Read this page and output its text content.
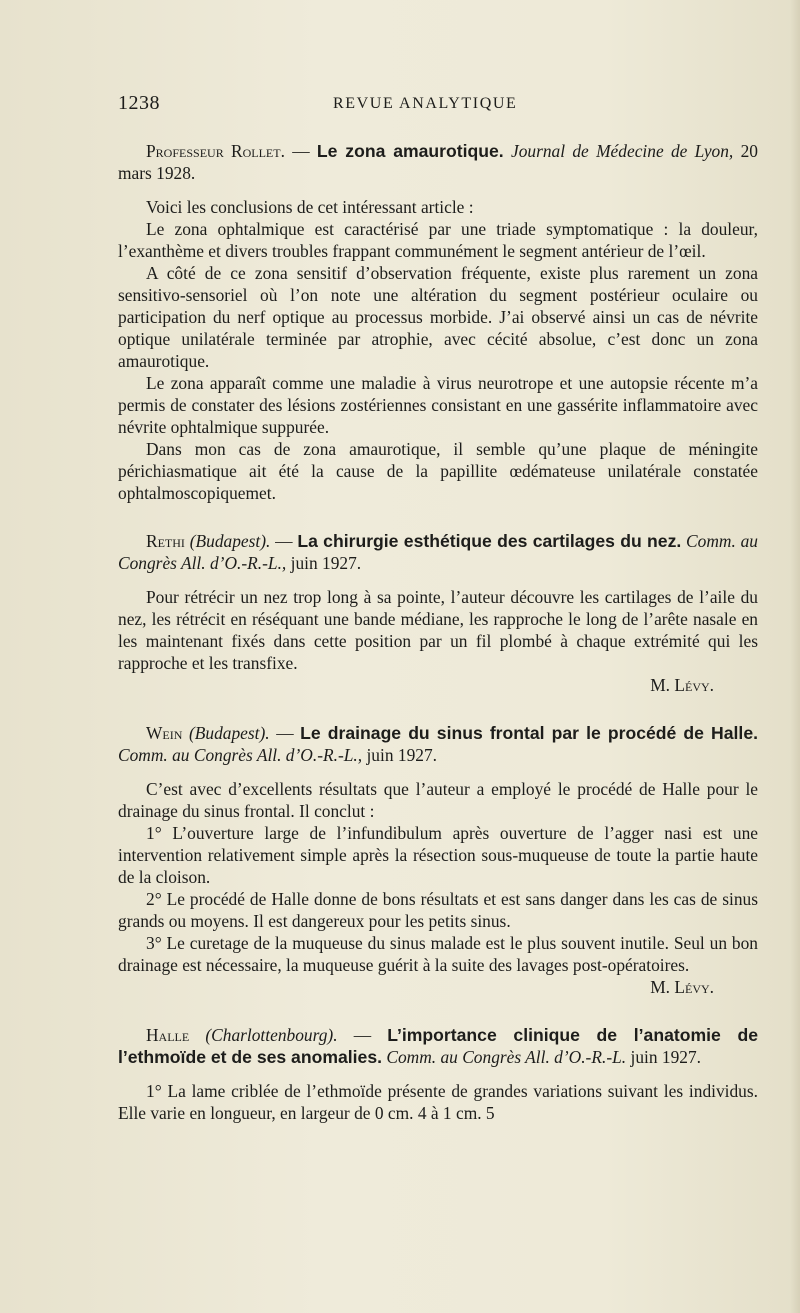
1238	REVUE ANALYTIQUE

Professeur Rollet. — Le zona amaurotique. Journal de Médecine de Lyon, 20 mars 1928.

Voici les conclusions de cet intéressant article :

Le zona ophtalmique est caractérisé par une triade symptomatique : la douleur, l’exanthème et divers troubles frappant communément le segment antérieur de l’œil.

A côté de ce zona sensitif d’observation fréquente, existe plus rarement un zona sensitivo-sensoriel où l’on note une altération du segment postérieur oculaire ou participation du nerf optique au processus morbide. J’ai observé ainsi un cas de névrite optique unilatérale terminée par atrophie, avec cécité absolue, c’est donc un zona amaurotique.

Le zona apparaît comme une maladie à virus neurotrope et une autopsie récente m’a permis de constater des lésions zostériennes consistant en une gassérite inflammatoire avec névrite ophtalmique suppurée.

Dans mon cas de zona amaurotique, il semble qu’une plaque de méningite périchiasmatique ait été la cause de la papillite œdémateuse unilatérale constatée ophtalmoscopiquemet.

Rethi (Budapest). — La chirurgie esthétique des cartilages du nez. Comm. au Congrès All. d’O.-R.-L., juin 1927.

Pour rétrécir un nez trop long à sa pointe, l’auteur découvre les cartilages de l’aile du nez, les rétrécit en réséquant une bande médiane, les rapproche le long de l’arête nasale en les maintenant fixés dans cette position par un fil plombé à chaque extrémité qui les rapproche et les transfixe.

M. Lévy.

Wein (Budapest). — Le drainage du sinus frontal par le procédé de Halle. Comm. au Congrès All. d’O.-R.-L., juin 1927.

C’est avec d’excellents résultats que l’auteur a employé le procédé de Halle pour le drainage du sinus frontal. Il conclut :

1° L’ouverture large de l’infundibulum après ouverture de l’agger nasi est une intervention relativement simple après la résection sous-muqueuse de toute la partie haute de la cloison.

2° Le procédé de Halle donne de bons résultats et est sans danger dans les cas de sinus grands ou moyens. Il est dangereux pour les petits sinus.

3° Le curetage de la muqueuse du sinus malade est le plus souvent inutile. Seul un bon drainage est nécessaire, la muqueuse guérit à la suite des lavages post-opératoires.

M. Lévy.

Halle (Charlottenbourg). — L’importance clinique de l’anatomie de l’ethmoïde et de ses anomalies. Comm. au Congrès All. d’O.-R.-L. juin 1927.

1° La lame criblée de l’ethmoïde présente de grandes variations suivant les individus. Elle varie en longueur, en largeur de 0 cm. 4 à 1 cm. 5
